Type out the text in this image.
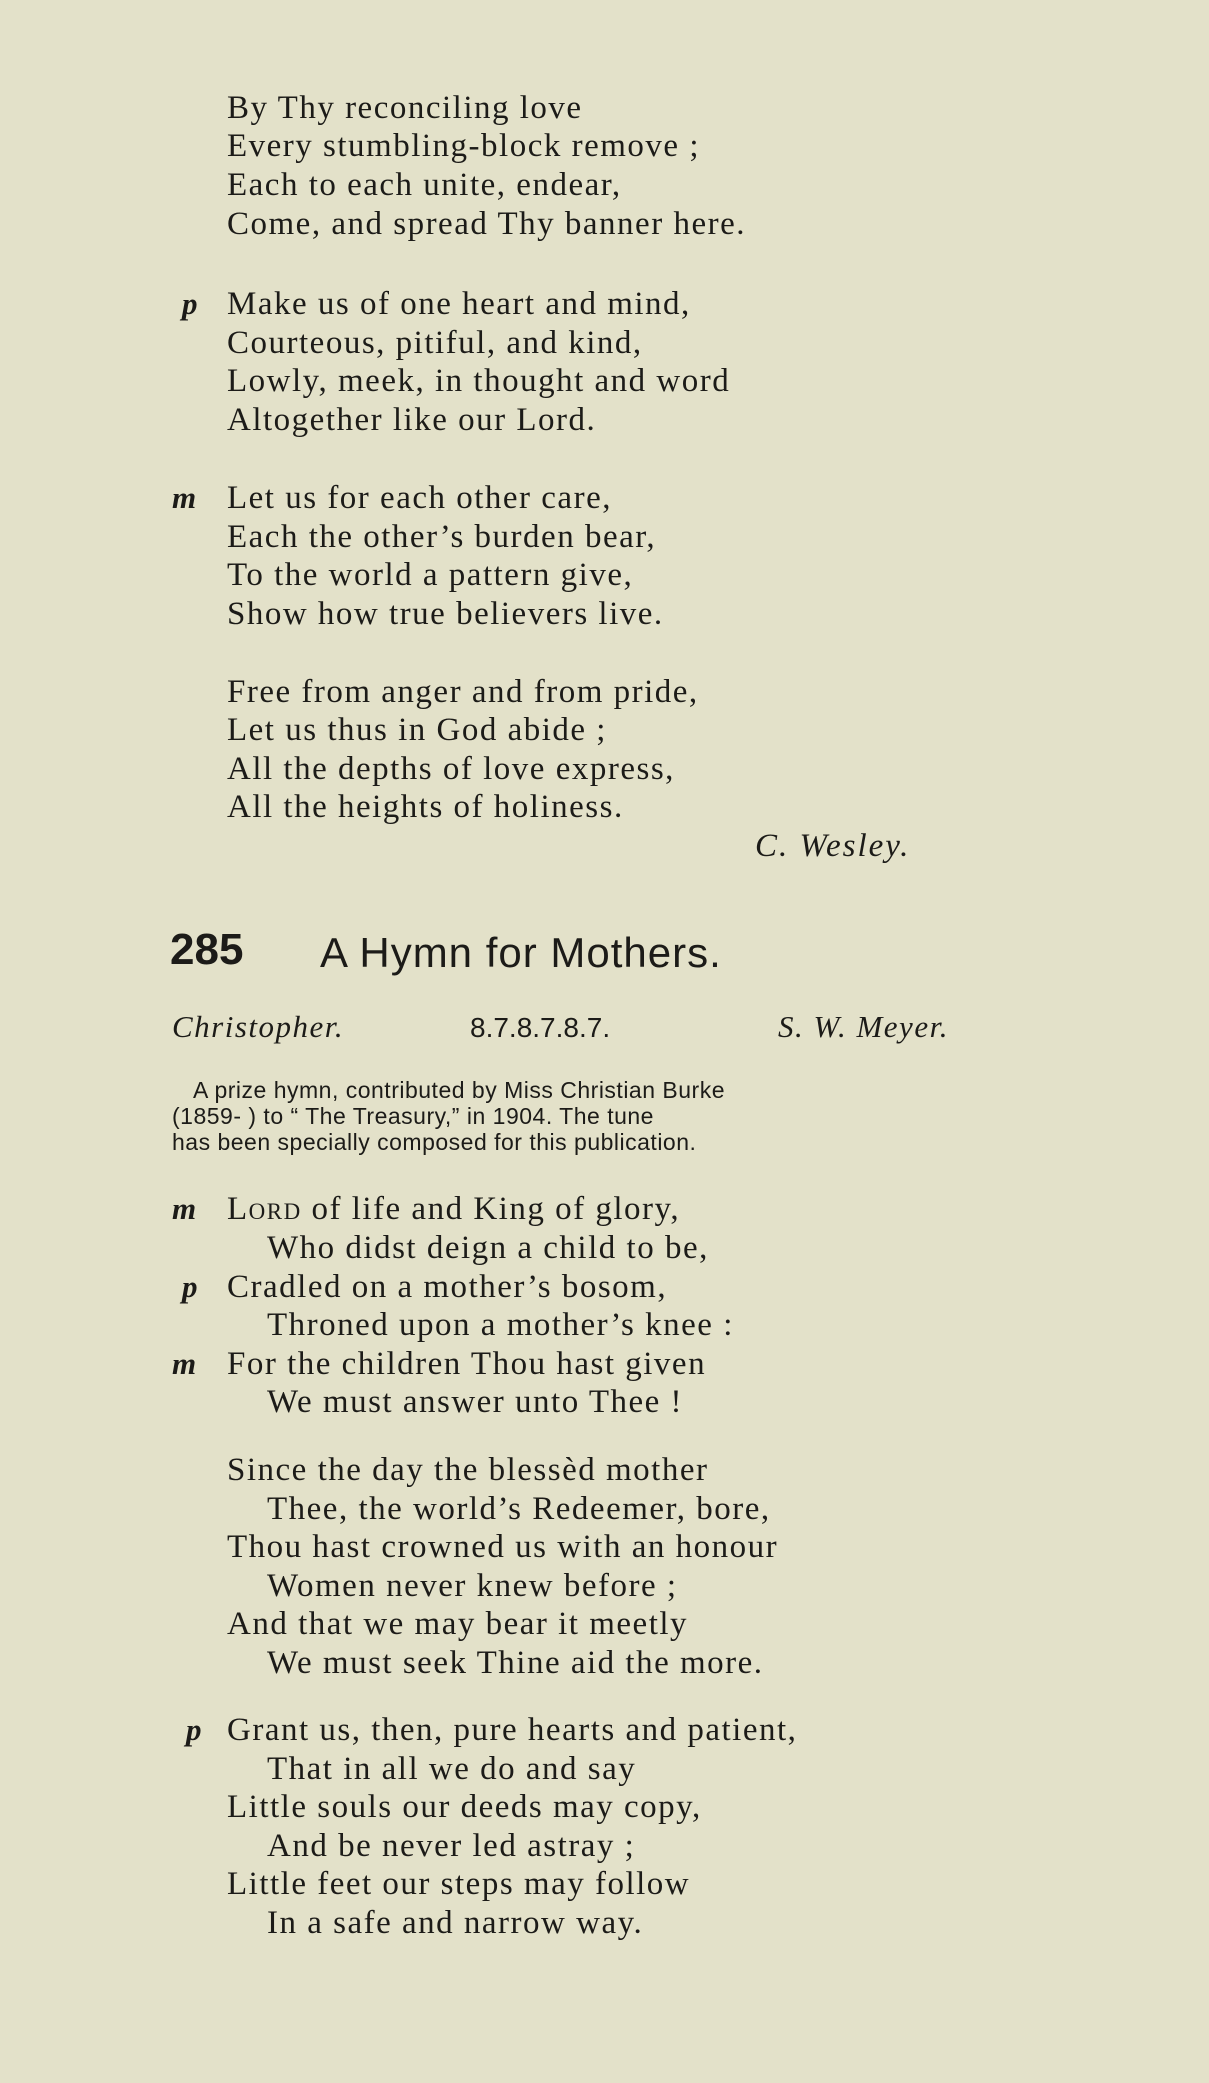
By Thy reconciling love
Every stumbling-block remove ;
Each to each unite, endear,
Come, and spread Thy banner here.
p Make us of one heart and mind,
Courteous, pitiful, and kind,
Lowly, meek, in thought and word
Altogether like our Lord.
m Let us for each other care,
Each the other’s burden bear,
To the world a pattern give,
Show how true believers live.
Free from anger and from pride,
Let us thus in God abide ;
All the depths of love express,
All the heights of holiness.
C. Wesley.
285 A Hymn for Mothers.
Christopher.	8.7.8.7.8.7.	S. W. Meyer.
A prize hymn, contributed by Miss Christian Burke
(1859- ) to “ The Treasury,” in 1904. The tune
has been specially composed for this publication.
m Lord of life and King of glory,
Who didst deign a child to be,
p Cradled on a mother’s bosom,
Throned upon a mother’s knee :
m For the children Thou hast given
We must answer unto Thee !
Since the day the blessèd mother
Thee, the world’s Redeemer, bore,
Thou hast crowned us with an honour
Women never knew before ;
And that we may bear it meetly
We must seek Thine aid the more.
p Grant us, then, pure hearts and patient,
That in all we do and say
Little souls our deeds may copy,
And be never led astray ;
Little feet our steps may follow
In a safe and narrow way.
